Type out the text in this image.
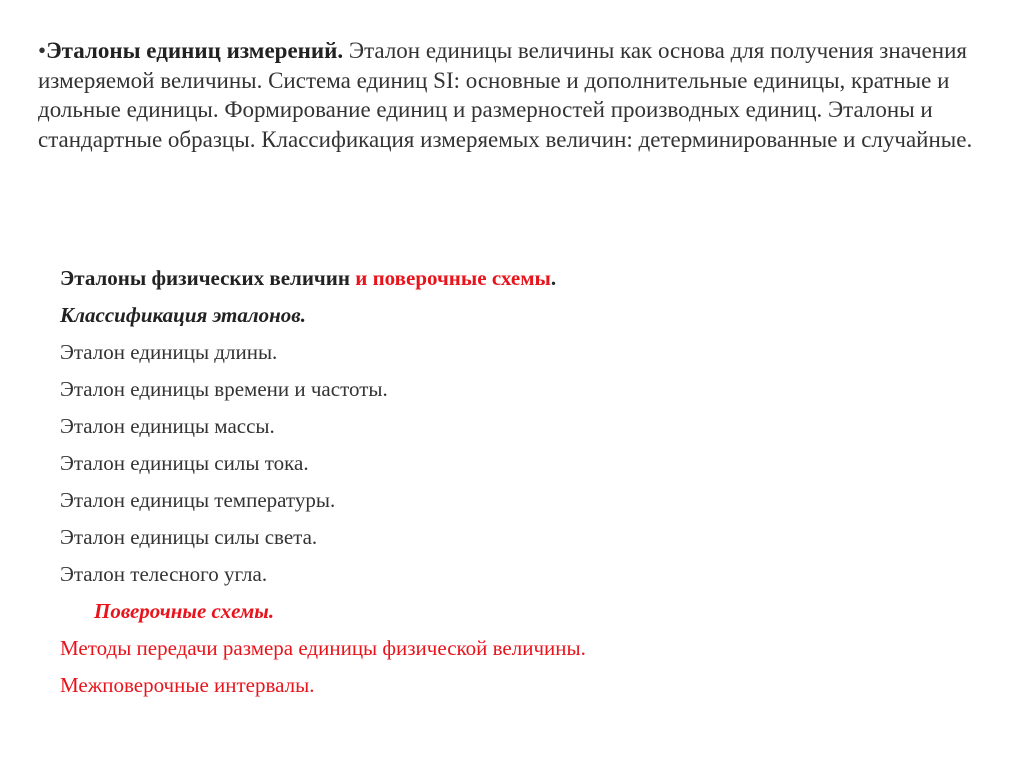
•Эталоны единиц измерений. Эталон единицы величины как основа для получения значения измеряемой величины. Система единиц SI: основные и дополнительные единицы, кратные и дольные единицы. Формирование единиц и размерностей производных единиц. Эталоны и стандартные образцы. Классификация измеряемых величин: детерминированные и случайные.
Эталоны физических величин и поверочные схемы.
Классификация эталонов.
Эталон единицы длины.
Эталон единицы времени и частоты.
Эталон единицы массы.
Эталон единицы силы тока.
Эталон единицы температуры.
Эталон единицы силы света.
Эталон телесного угла.
Поверочные схемы.
Методы передачи размера единицы физической величины.
Межповерочные интервалы.
